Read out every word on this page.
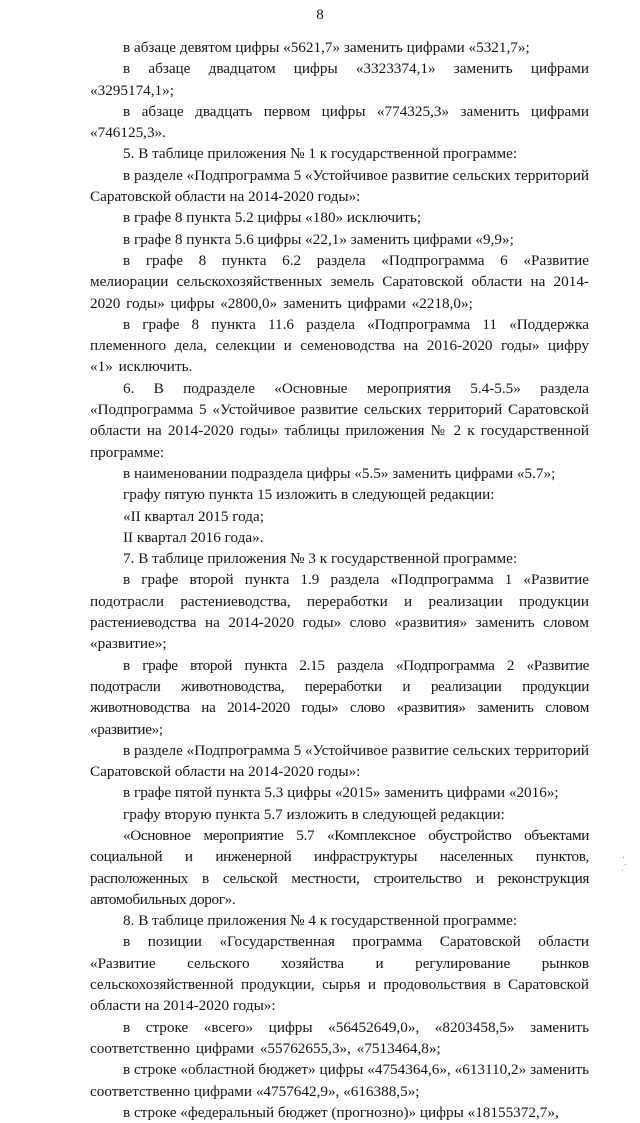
8

в абзаце девятом цифры «5621,7» заменить цифрами «5321,7»;

в абзаце двадцатом цифры «3323374,1» заменить цифрами «3295174,1»;

в абзаце двадцать первом цифры «774325,3» заменить цифрами «746125,3».

5. В таблице приложения № 1 к государственной программе:

в разделе «Подпрограмма 5 «Устойчивое развитие сельских территорий Саратовской области на 2014-2020 годы»:

в графе 8 пункта 5.2 цифры «180» исключить;

в графе 8 пункта 5.6 цифры «22,1» заменить цифрами «9,9»;

в графе 8 пункта 6.2 раздела «Подпрограмма 6 «Развитие мелиорации сельскохозяйственных земель Саратовской области на 2014-2020 годы» цифры «2800,0» заменить цифрами «2218,0»;

в графе 8 пункта 11.6 раздела «Подпрограмма 11 «Поддержка племенного дела, селекции и семеноводства на 2016-2020 годы» цифру «1» исключить.

6. В подразделе «Основные мероприятия 5.4-5.5» раздела «Подпрограмма 5 «Устойчивое развитие сельских территорий Саратовской области на 2014-2020 годы» таблицы приложения № 2 к государственной программе:

в наименовании подраздела цифры «5.5» заменить цифрами «5.7»;

графу пятую пункта 15 изложить в следующей редакции:

«II квартал 2015 года;

II квартал 2016 года».

7. В таблице приложения № 3 к государственной программе:

в графе второй пункта 1.9 раздела «Подпрограмма 1 «Развитие подотрасли растениеводства, переработки и реализации продукции растениеводства на 2014-2020 годы» слово «развития» заменить словом «развитие»;

в графе второй пункта 2.15 раздела «Подпрограмма 2 «Развитие подотрасли животноводства, переработки и реализации продукции животноводства на 2014-2020 годы» слово «развития» заменить словом «развитие»;

в разделе «Подпрограмма 5 «Устойчивое развитие сельских территорий Саратовской области на 2014-2020 годы»:

в графе пятой пункта 5.3 цифры «2015» заменить цифрами «2016»;

графу вторую пункта 5.7 изложить в следующей редакции:

«Основное мероприятие 5.7 «Комплексное обустройство объектами социальной и инженерной инфраструктуры населенных пунктов, расположенных в сельской местности, строительство и реконструкция автомобильных дорог».

8. В таблице приложения № 4 к государственной программе:

в позиции «Государственная программа Саратовской области «Развитие сельского хозяйства и регулирование рынков сельскохозяйственной продукции, сырья и продовольствия в Саратовской области на 2014-2020 годы»:

в строке «всего» цифры «56452649,0», «8203458,5» заменить соответственно цифрами «55762655,3», «7513464,8»;

в строке «областной бюджет» цифры «4754364,6», «613110,2» заменить соответственно цифрами «4757642,9», «616388,5»;

в строке «федеральный бюджет (прогнозно)» цифры «18155372,7»,
